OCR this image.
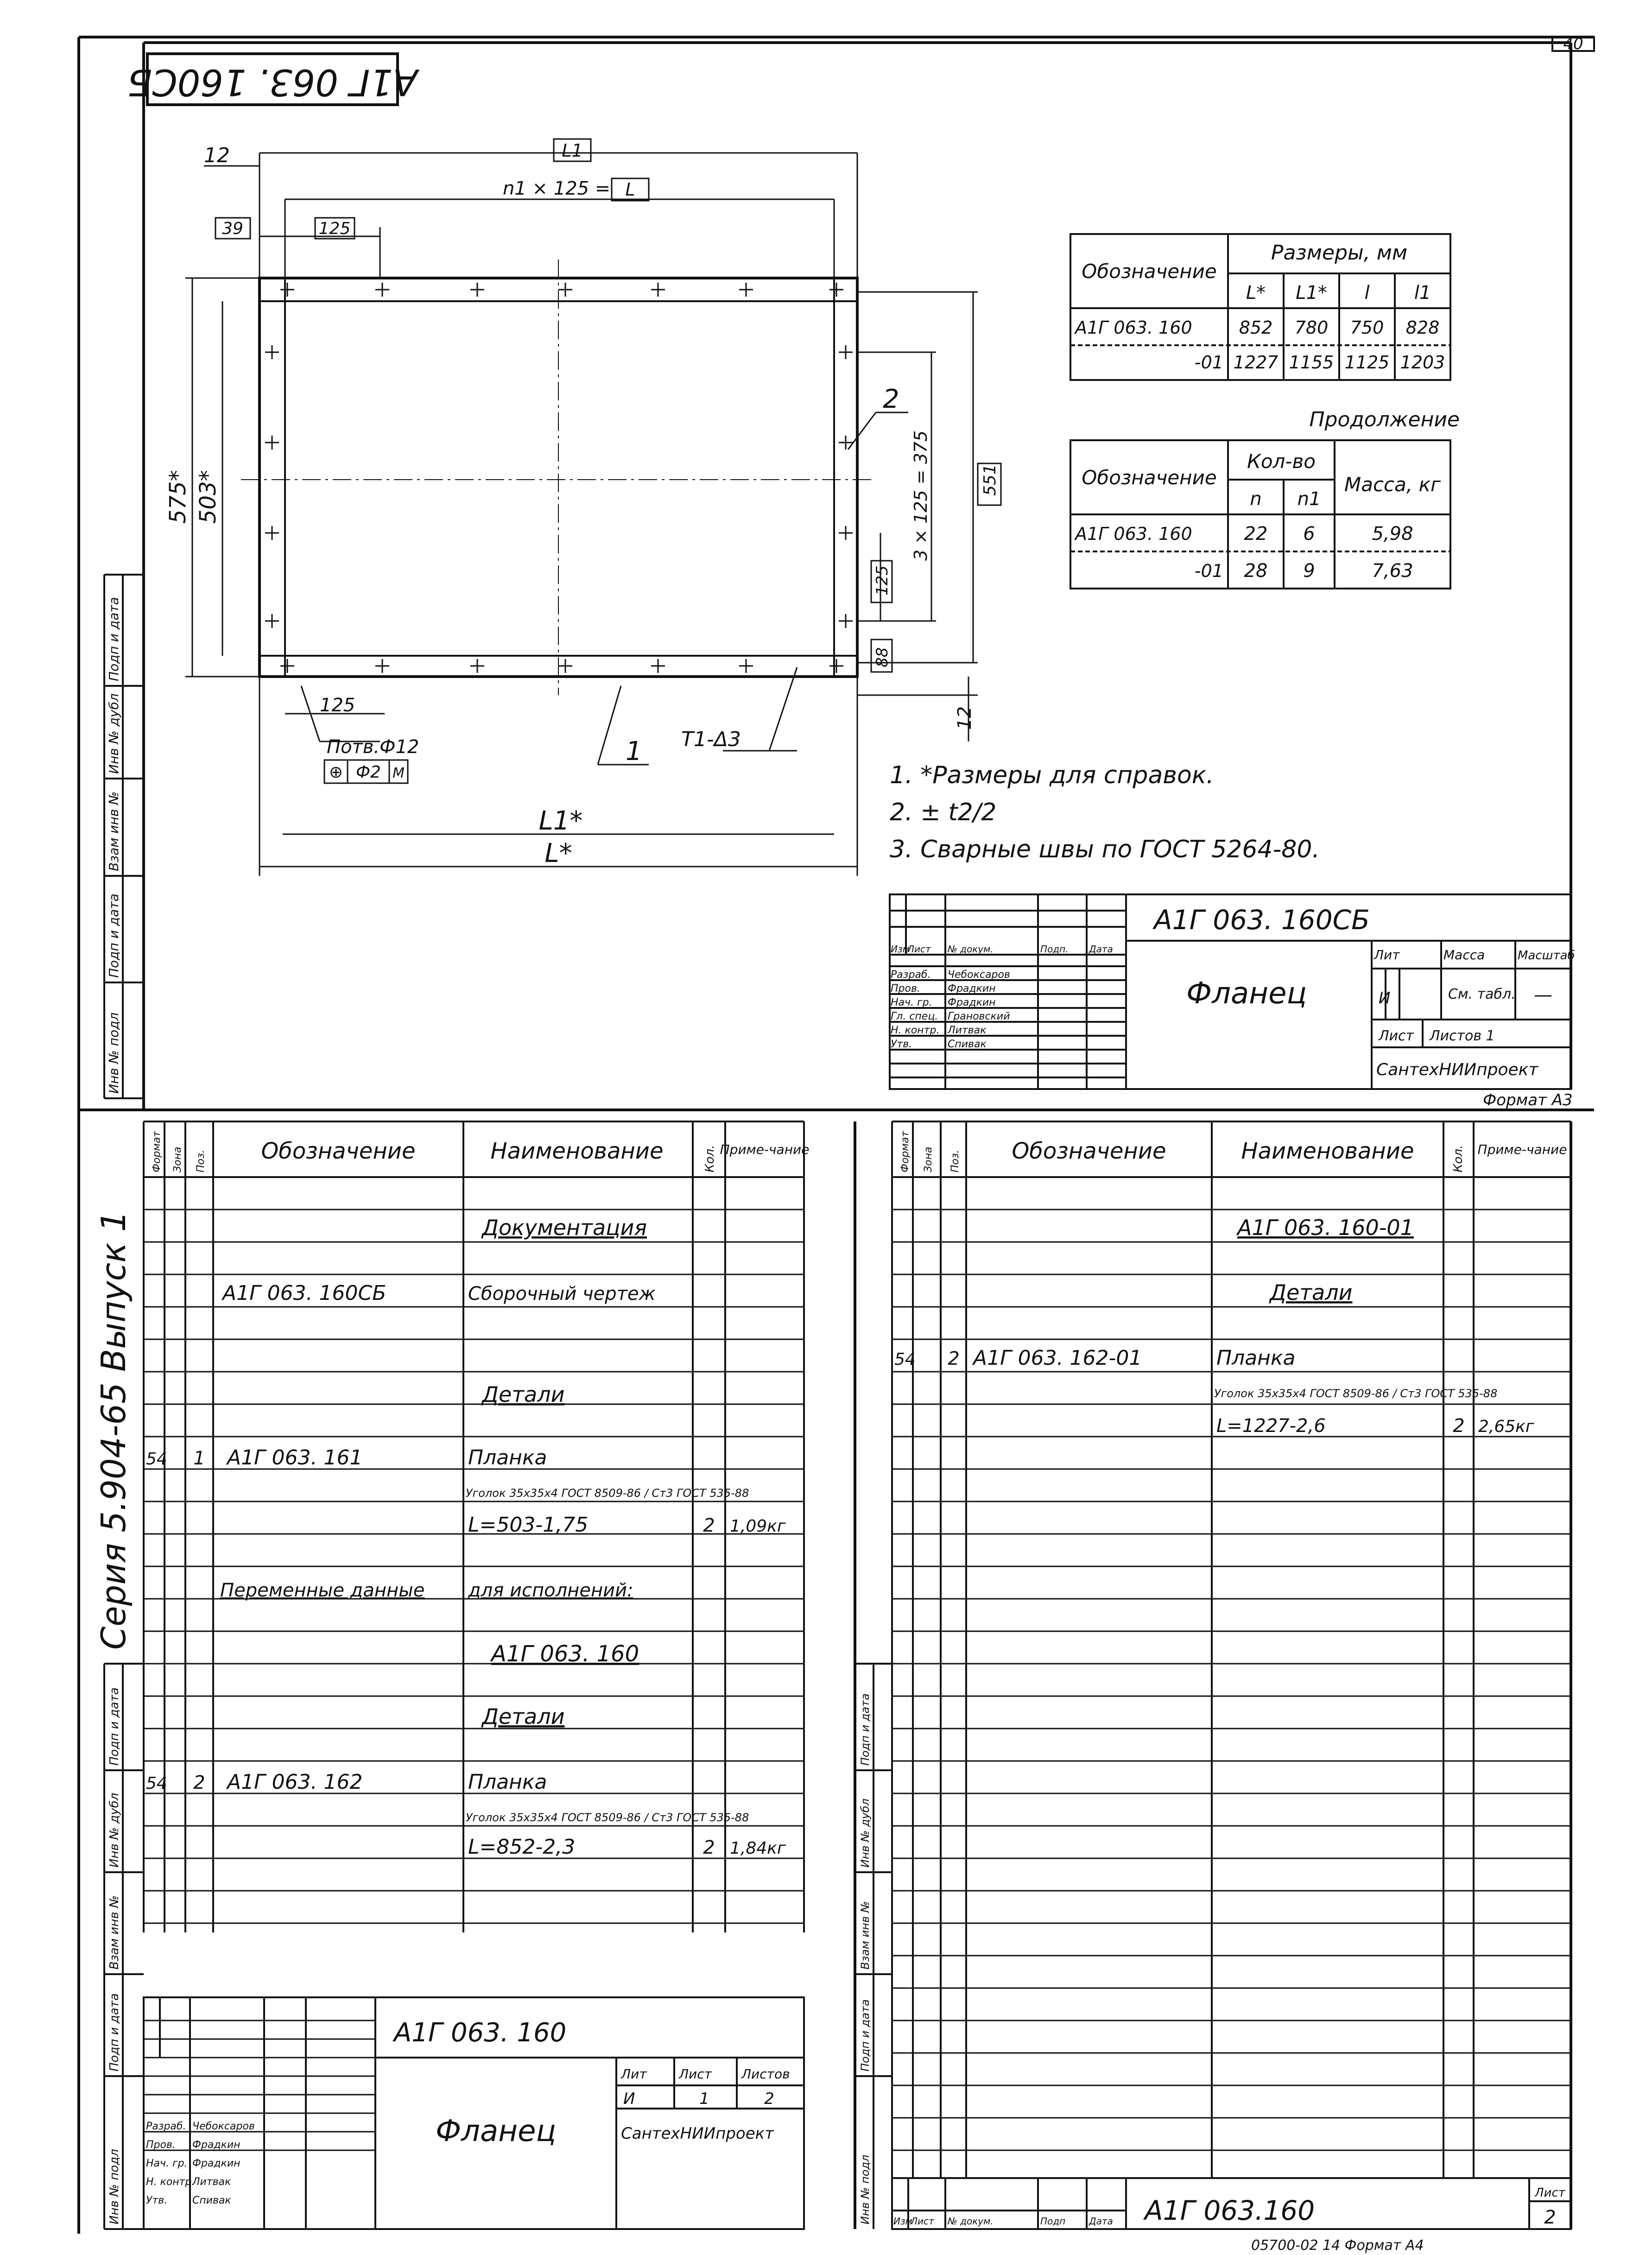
40
А1Г 063. 160СБ
Подп и дата
Инв № дубл
Взам инв №
Подп и дата
Инв № подл
12	L1
n1 × 125 = L
39	125
575* 503*	551
3 × 125 = 375
125
88
12
125
Потв.Ф12
⊕ Ф2 М
1
2
Т1-Δ3
L1*
L*
Обозначение
Размеры, мм
L* L1* l l1
А1Г 063. 160	852 780 750 828
-01 1227 1155 1125 1203
Продолжение
Обозначение
Кол-во
n n1
Масса, кг
А1Г 063. 160	22 6	5,98
-01 28 9	7,63
1. *Размеры для справок.
2. ± t2/2
3. Сварные швы по ГОСТ 5264-80.
А1Г 063. 160СБ
Фланец
Лит
И
Масса
См. табл.
Масштаб
—
Лист Листов 1
СантехНИИпроект
Формат А3
Изм
Лист № докум.	Подп. Дата
Разраб. Чебоксаров
Пров.	Фрадкин
Нач. гр. Фрадкин
Гл. спец. Грановский
Н. контр. Литвак
Утв.	Спивак
Формат Зона Поз. Обозначение	Наименование	Кол. Приме-чание
Документация
А1Г 063. 160СБ	Сборочный чертеж
Детали
54 1 А1Г 063. 161	Планка
Уголок 35x35x4 ГОСТ 8509-86 / Ст3 ГОСТ 535-88
L=503-1,75	2 1,09кг
Переменные данные для исполнений:
А1Г 063. 160
Детали
54 2 А1Г 063. 162	Планка
Уголок 35x35x4 ГОСТ 8509-86 / Ст3 ГОСТ 535-88
L=852-2,3	2 1,84кг
Серия 5.904-65 Выпуск 1
Подп и дата
Инв № дубл
Взам инв №
Подп и дата
Инв № подл
А1Г 063. 160
Фланец
Лит
И
Лист
1
Листов
2
СантехНИИпроект
Разраб. Чебоксаров
Пров. Фрадкин
Нач. гр. Фрадкин
Н. контр.
Литвак
Утв. Спивак
Формат Зона Поз. Обозначение	Наименование	Кол. Приме-чание
А1Г 063. 160-01
Детали
54 2 А1Г 063. 162-01	Планка
Уголок 35x35x4 ГОСТ 8509-86 / Ст3 ГОСТ 535-88
L=1227-2,6	2 2,65кг
Подп и дата
Инв № дубл
Взам инв №
Подп и дата
Инв № подл	А1Г 063.160
Лист
2
Изм
Лист № докум.	Подп	Дата
05700-02 14 Формат А4
